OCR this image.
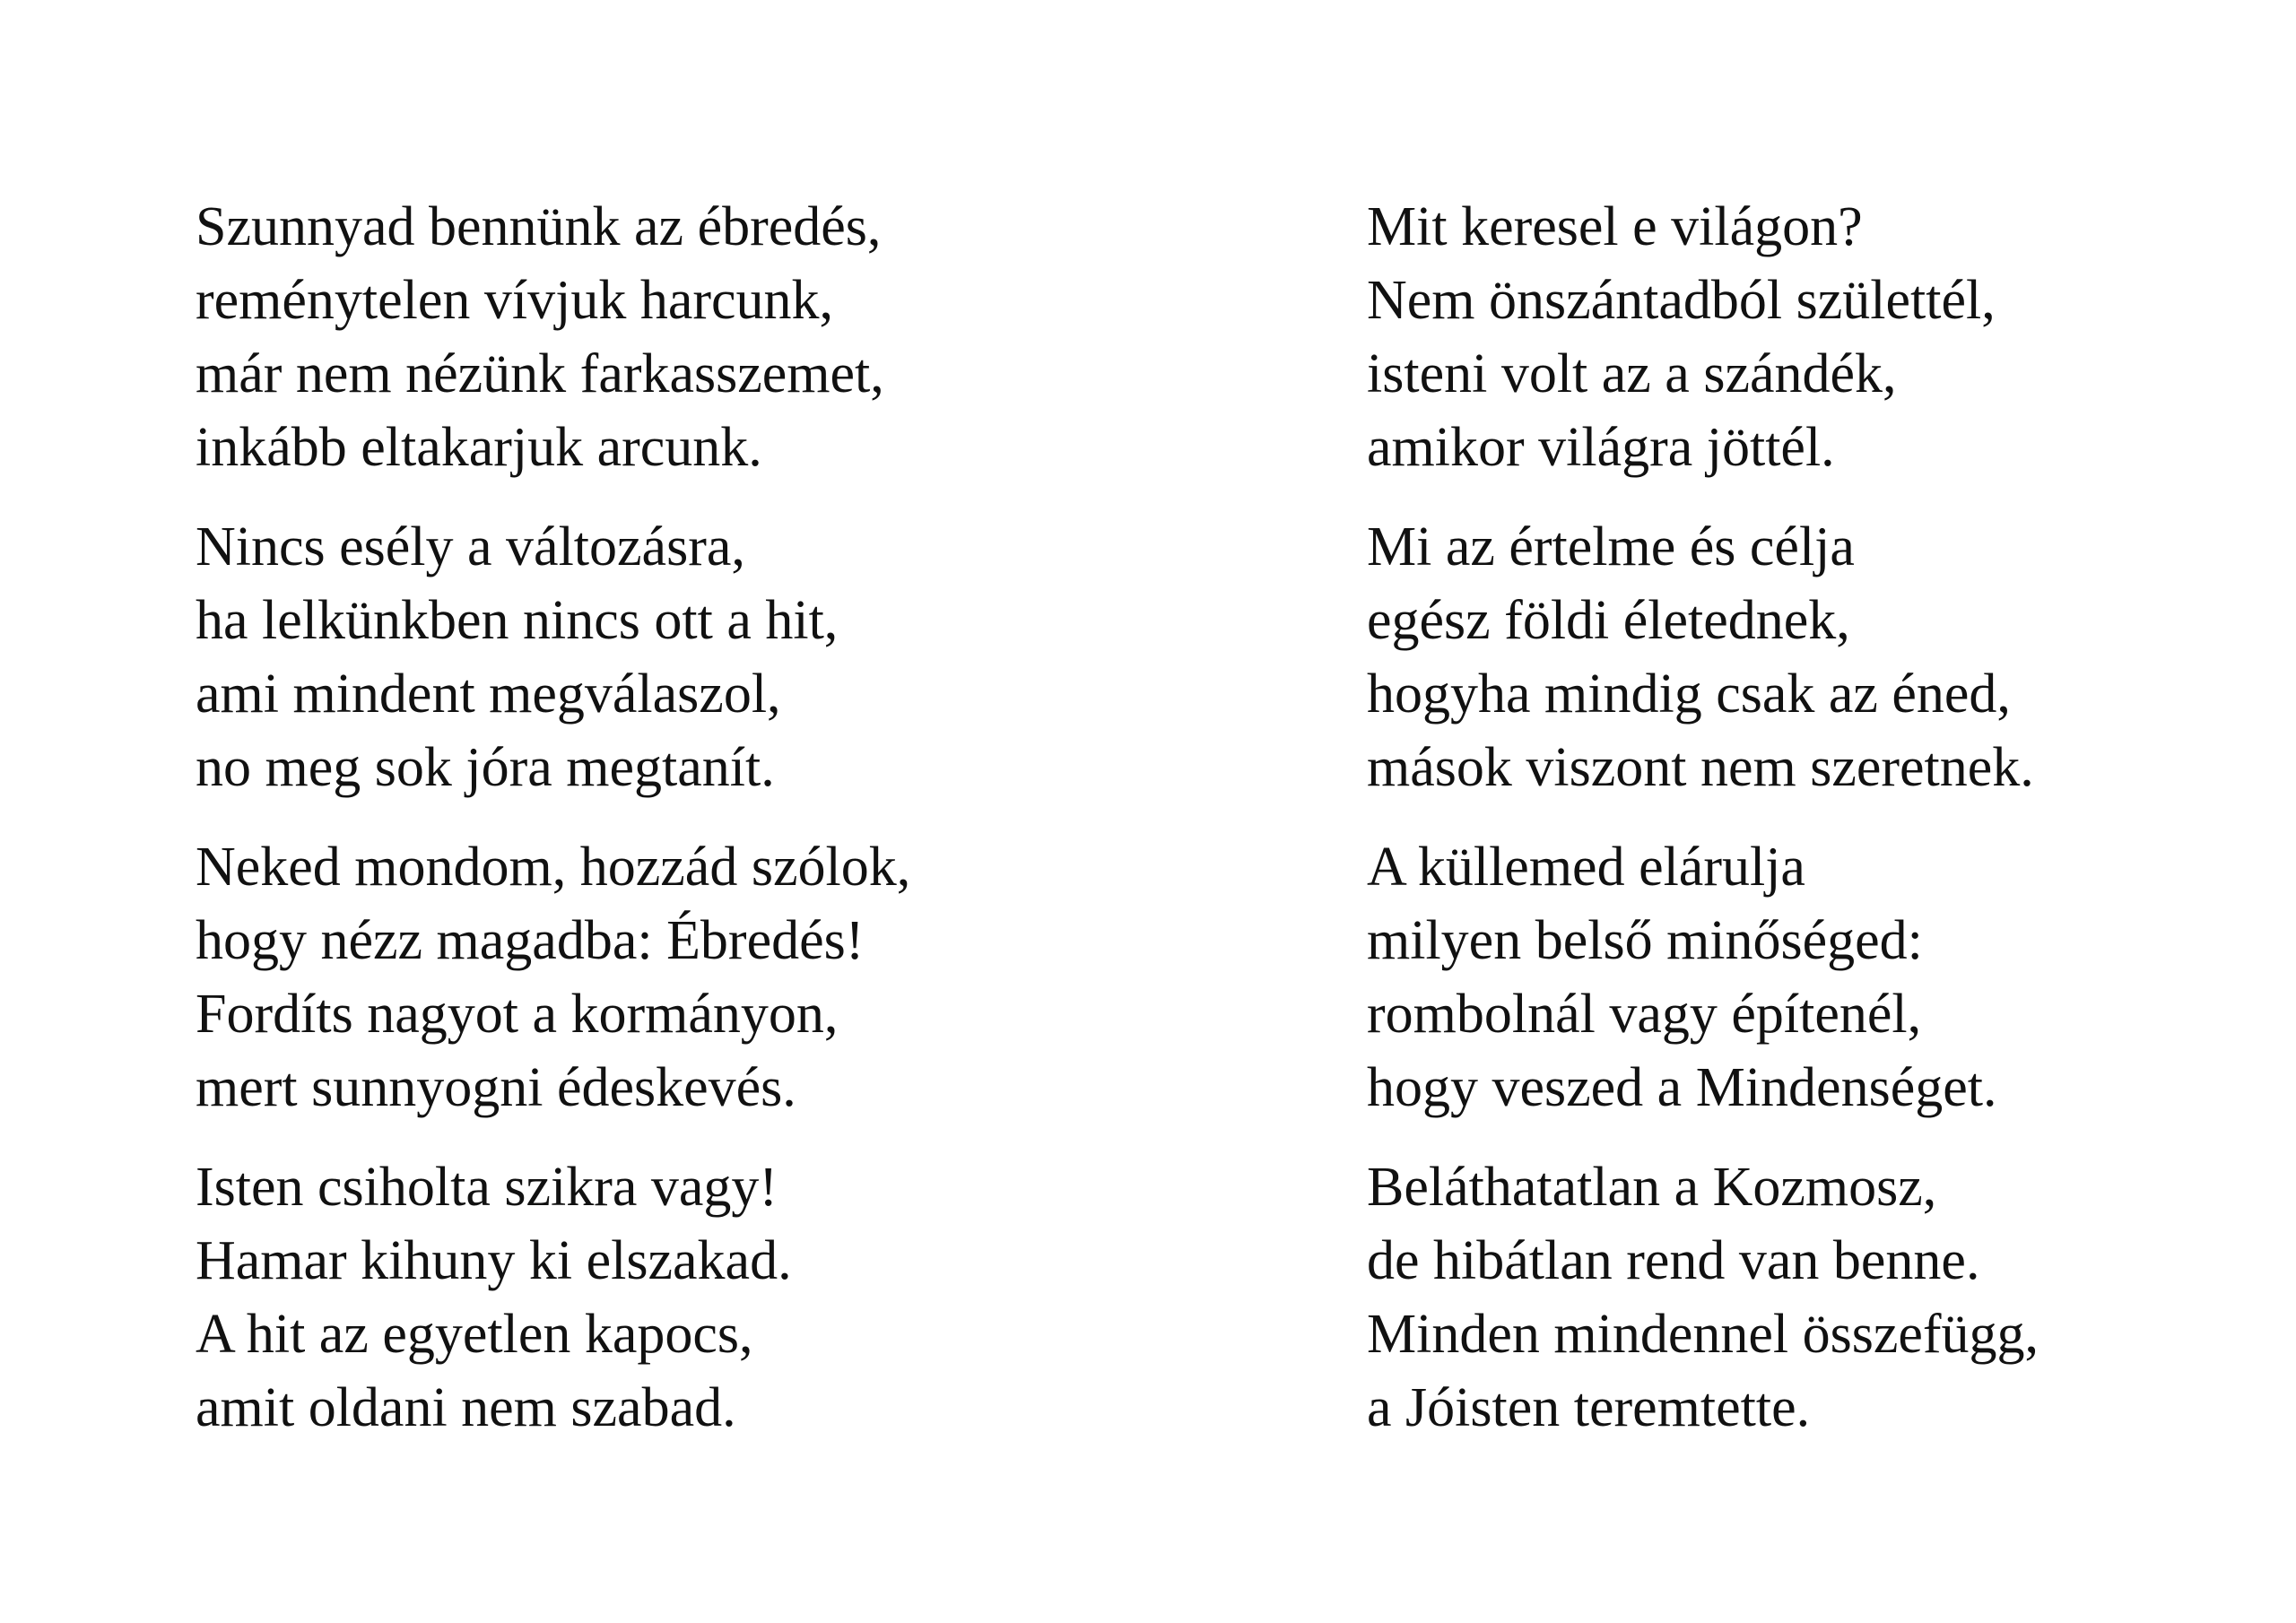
Szunnyad bennünk az ébredés,
reménytelen vívjuk harcunk,
már nem nézünk farkasszemet,
inkább eltakarjuk arcunk.

Nincs esély a változásra,
ha lelkünkben nincs ott a hit,
ami mindent megválaszol,
no meg sok jóra megtanít.

Neked mondom, hozzád szólok,
hogy nézz magadba: Ébredés!
Fordíts nagyot a kormányon,
mert sunnyogni édeskevés.

Isten csiholta szikra vagy!
Hamar kihuny ki elszakad.
A hit az egyetlen kapocs,
amit oldani nem szabad.

Mit keresel e világon?
Nem önszántadból születtél,
isteni volt az a szándék,
amikor világra jöttél.

Mi az értelme és célja
egész földi életednek,
hogyha mindig csak az éned,
mások viszont nem szeretnek.

A küllemed elárulja
milyen belső minőséged:
rombolnál vagy építenél,
hogy veszed a Mindenséget.

Beláthatatlan a Kozmosz,
de hibátlan rend van benne.
Minden mindennel összefügg,
a Jóisten teremtette.
